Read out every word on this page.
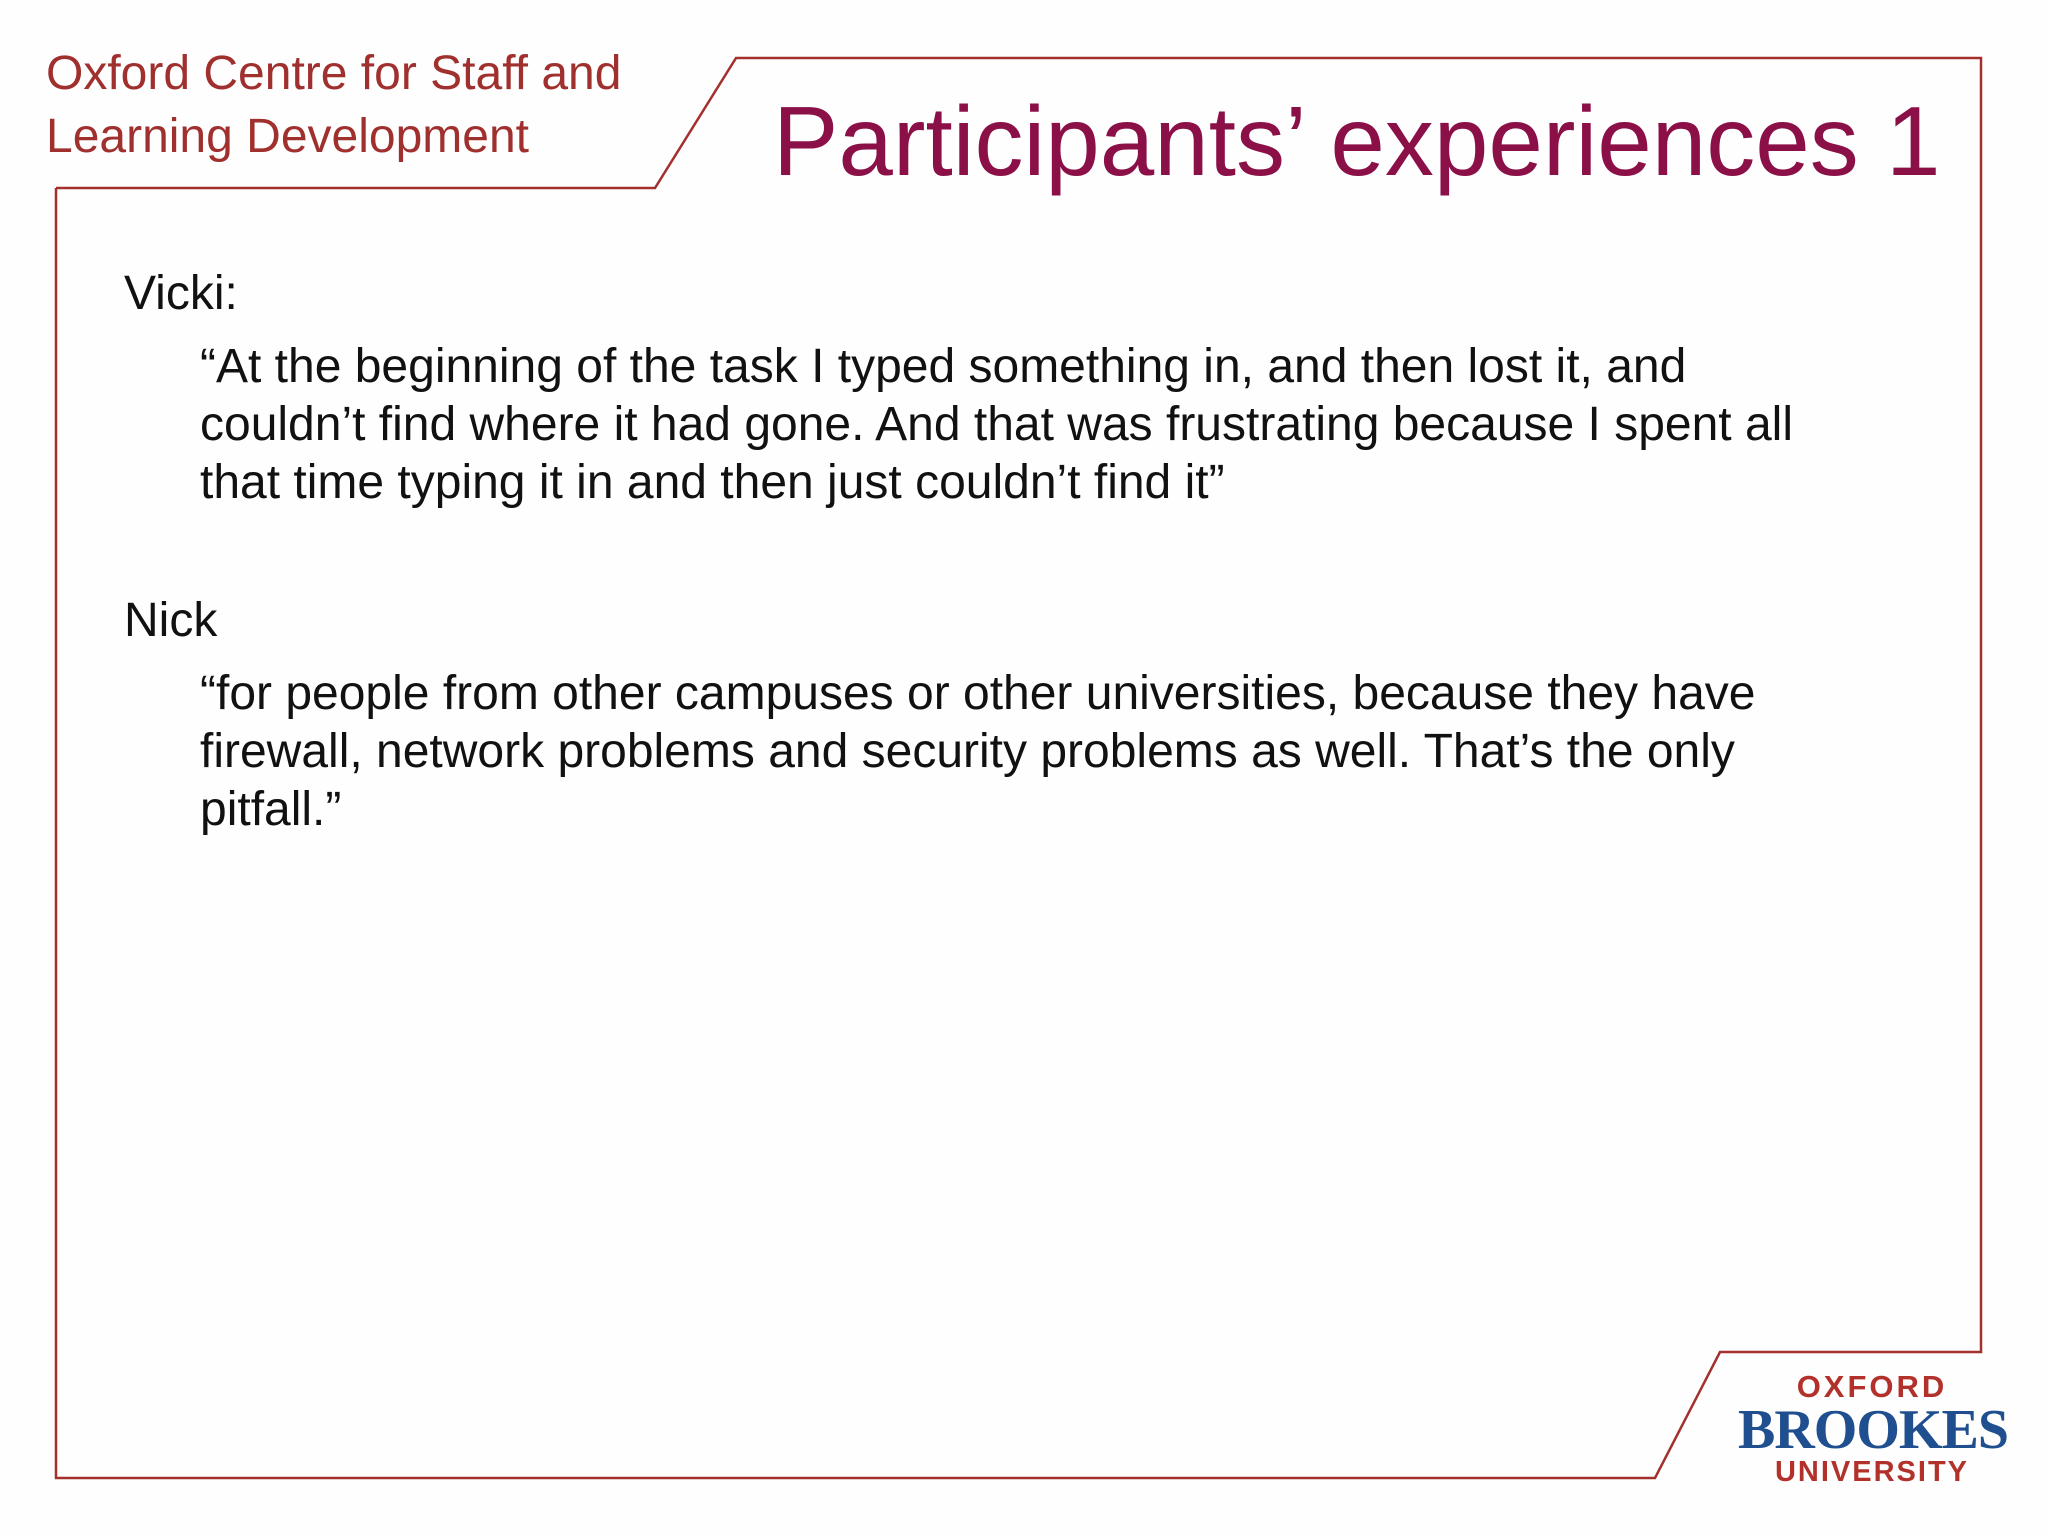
Oxford Centre for Staff and
Learning Development	Participants’ experiences 1
Vicki:
“At the beginning of the task I typed something in, and then lost it, and
couldn’t find where it had gone. And that was frustrating because I spent all
that time typing it in and then just couldn’t find it”
Nick
“for people from other campuses or other universities, because they have
firewall, network problems and security problems as well. That’s the only
pitfall.”
OXFORD
BROOKES
UNIVERSITY
